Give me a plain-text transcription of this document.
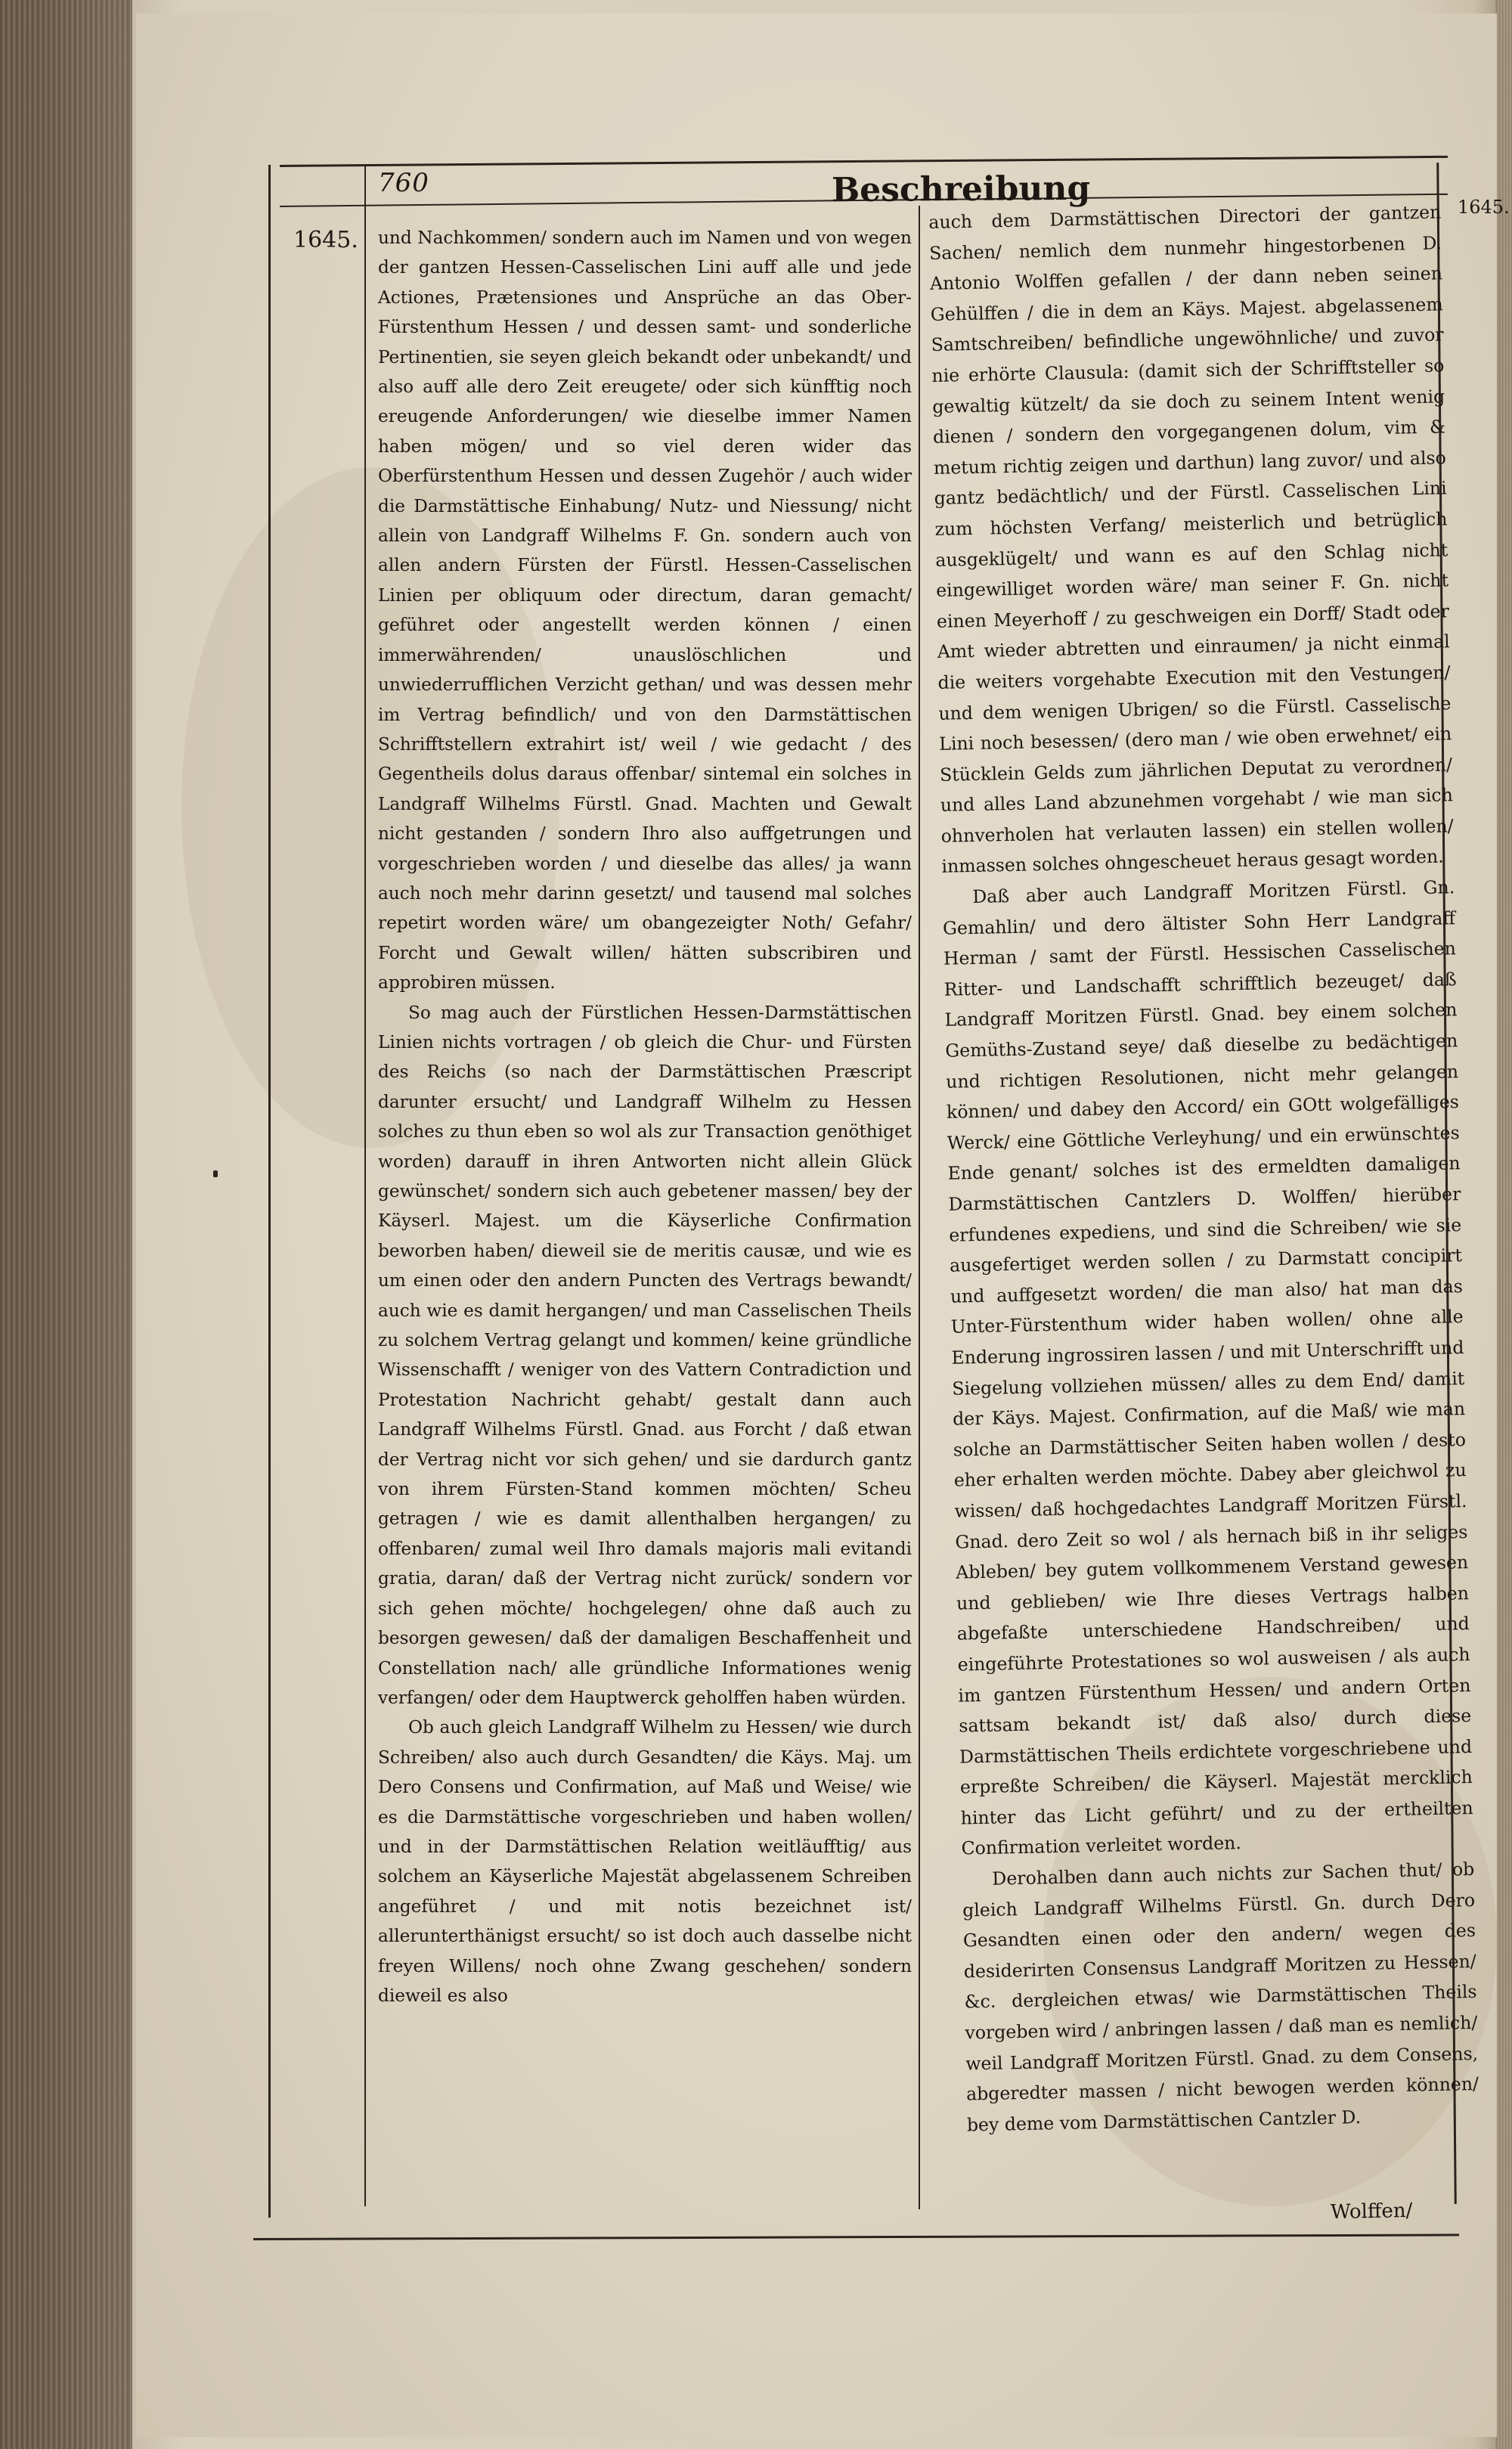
760	Beschreibung
1645.
1645.

und Nachkommen/ sondern auch im Namen und von wegen der gantzen Hessen-Casselischen Lini auff alle und jede Actiones, Prætensiones und Ansprüche an das Ober-Fürstenthum Hessen / und dessen samt- und sonderliche Pertinentien, sie seyen gleich bekandt oder unbekandt/ und also auff alle dero Zeit ereugete/ oder sich künfftig noch ereugende Anforderungen/ wie dieselbe immer Namen haben mögen/ und so viel deren wider das Oberfürstenthum Hessen und dessen Zugehör / auch wider die Darmstättische Einhabung/ Nutz- und Niessung/ nicht allein von Landgraff Wilhelms F. Gn. sondern auch von allen andern Fürsten der Fürstl. Hessen-Casselischen Linien per obliquum oder directum, daran gemacht/ geführet oder angestellt werden können / einen immerwährenden/ unauslöschlichen und unwiederrufflichen Verzicht gethan/ und was dessen mehr im Vertrag befindlich/ und von den Darmstättischen Schrifftstellern extrahirt ist/ weil / wie gedacht / des Gegentheils dolus daraus offenbar/ sintemal ein solches in Landgraff Wilhelms Fürstl. Gnad. Machten und Gewalt nicht gestanden / sondern Ihro also auffgetrungen und vorgeschrieben worden / und dieselbe das alles/ ja wann auch noch mehr darinn gesetzt/ und tausend mal solches repetirt worden wäre/ um obangezeigter Noth/ Gefahr/ Forcht und Gewalt willen/ hätten subscribiren und approbiren müssen.

So mag auch der Fürstlichen Hessen-Darmstättischen Linien nichts vortragen / ob gleich die Chur- und Fürsten des Reichs (so nach der Darmstättischen Præscript darunter ersucht/ und Landgraff Wilhelm zu Hessen solches zu thun eben so wol als zur Transaction genöthiget worden) darauff in ihren Antworten nicht allein Glück gewünschet/ sondern sich auch gebetener massen/ bey der Käyserl. Majest. um die Käyserliche Confirmation beworben haben/ dieweil sie de meritis causæ, und wie es um einen oder den andern Puncten des Vertrags bewandt/ auch wie es damit hergangen/ und man Casselischen Theils zu solchem Vertrag gelangt und kommen/ keine gründliche Wissenschafft / weniger von des Vattern Contradiction und Protestation Nachricht gehabt/ gestalt dann auch Landgraff Wilhelms Fürstl. Gnad. aus Forcht / daß etwan der Vertrag nicht vor sich gehen/ und sie dardurch gantz von ihrem Fürsten-Stand kommen möchten/ Scheu getragen / wie es damit allenthalben hergangen/ zu offenbaren/ zumal weil Ihro damals majoris mali evitandi gratia, daran/ daß der Vertrag nicht zurück/ sondern vor sich gehen möchte/ hochgelegen/ ohne daß auch zu besorgen gewesen/ daß der damaligen Beschaffenheit und Constellation nach/ alle gründliche Informationes wenig verfangen/ oder dem Hauptwerck geholffen haben würden.

Ob auch gleich Landgraff Wilhelm zu Hessen/ wie durch Schreiben/ also auch durch Gesandten/ die Käys. Maj. um Dero Consens und Confirmation, auf Maß und Weise/ wie es die Darmstättische vorgeschrieben und haben wollen/ und in der Darmstättischen Relation weitläufftig/ aus solchem an Käyserliche Majestät abgelassenem Schreiben angeführet / und mit notis bezeichnet ist/ allerunterthänigst ersucht/ so ist doch auch dasselbe nicht freyen Willens/ noch ohne Zwang geschehen/ sondern dieweil es also

auch dem Darmstättischen Directori der gantzen Sachen/ nemlich dem nunmehr hingestorbenen D. Antonio Wolffen gefallen / der dann neben seinen Gehülffen / die in dem an Käys. Majest. abgelassenem Samtschreiben/ befindliche ungewöhnliche/ und zuvor nie erhörte Clausula: (damit sich der Schrifftsteller so gewaltig kützelt/ da sie doch zu seinem Intent wenig dienen / sondern den vorgegangenen dolum, vim & metum richtig zeigen und darthun) lang zuvor/ und also gantz bedächtlich/ und der Fürstl. Casselischen Lini zum höchsten Verfang/ meisterlich und betrüglich ausgeklügelt/ und wann es auf den Schlag nicht eingewilliget worden wäre/ man seiner F. Gn. nicht einen Meyerhoff / zu geschweigen ein Dorff/ Stadt oder Amt wieder abtretten und einraumen/ ja nicht einmal die weiters vorgehabte Execution mit den Vestungen/ und dem wenigen Ubrigen/ so die Fürstl. Casselische Lini noch besessen/ (dero man / wie oben erwehnet/ ein Stücklein Gelds zum jährlichen Deputat zu verordnen/ und alles Land abzunehmen vorgehabt / wie man sich ohnverholen hat verlauten lassen) ein stellen wollen/ inmassen solches ohngescheuet heraus gesagt worden.

Daß aber auch Landgraff Moritzen Fürstl. Gn. Gemahlin/ und dero ältister Sohn Herr Landgraff Herman / samt der Fürstl. Hessischen Casselischen Ritter- und Landschafft schrifftlich bezeuget/ daß Landgraff Moritzen Fürstl. Gnad. bey einem solchen Gemüths-Zustand seye/ daß dieselbe zu bedächtigen und richtigen Resolutionen, nicht mehr gelangen können/ und dabey den Accord/ ein GOtt wolgefälliges Werck/ eine Göttliche Verleyhung/ und ein erwünschtes Ende genant/ solches ist des ermeldten damaligen Darmstättischen Cantzlers D. Wolffen/ hierüber erfundenes expediens, und sind die Schreiben/ wie sie ausgefertiget werden sollen / zu Darmstatt concipirt und auffgesetzt worden/ die man also/ hat man das Unter-Fürstenthum wider haben wollen/ ohne alle Enderung ingrossiren lassen / und mit Unterschrifft und Siegelung vollziehen müssen/ alles zu dem End/ damit der Käys. Majest. Confirmation, auf die Maß/ wie man solche an Darmstättischer Seiten haben wollen / desto eher erhalten werden möchte. Dabey aber gleichwol zu wissen/ daß hochgedachtes Landgraff Moritzen Fürstl. Gnad. dero Zeit so wol / als hernach biß in ihr seliges Ableben/ bey gutem vollkommenem Verstand gewesen und geblieben/ wie Ihre dieses Vertrags halben abgefaßte unterschiedene Handschreiben/ und eingeführte Protestationes so wol ausweisen / als auch im gantzen Fürstenthum Hessen/ und andern Orten sattsam bekandt ist/ daß also/ durch diese Darmstättischen Theils erdichtete vorgeschriebene und erpreßte Schreiben/ die Käyserl. Majestät mercklich hinter das Licht geführt/ und zu der ertheilten Confirmation verleitet worden.

Derohalben dann auch nichts zur Sachen thut/ ob gleich Landgraff Wilhelms Fürstl. Gn. durch Dero Gesandten einen oder den andern/ wegen des desiderirten Consensus Landgraff Moritzen zu Hessen/ &c. dergleichen etwas/ wie Darmstättischen Theils vorgeben wird / anbringen lassen / daß man es nemlich/ weil Landgraff Moritzen Fürstl. Gnad. zu dem Consens, abgeredter massen / nicht bewogen werden können/ bey deme vom Darmstättischen Cantzler D.

Wolffen/
